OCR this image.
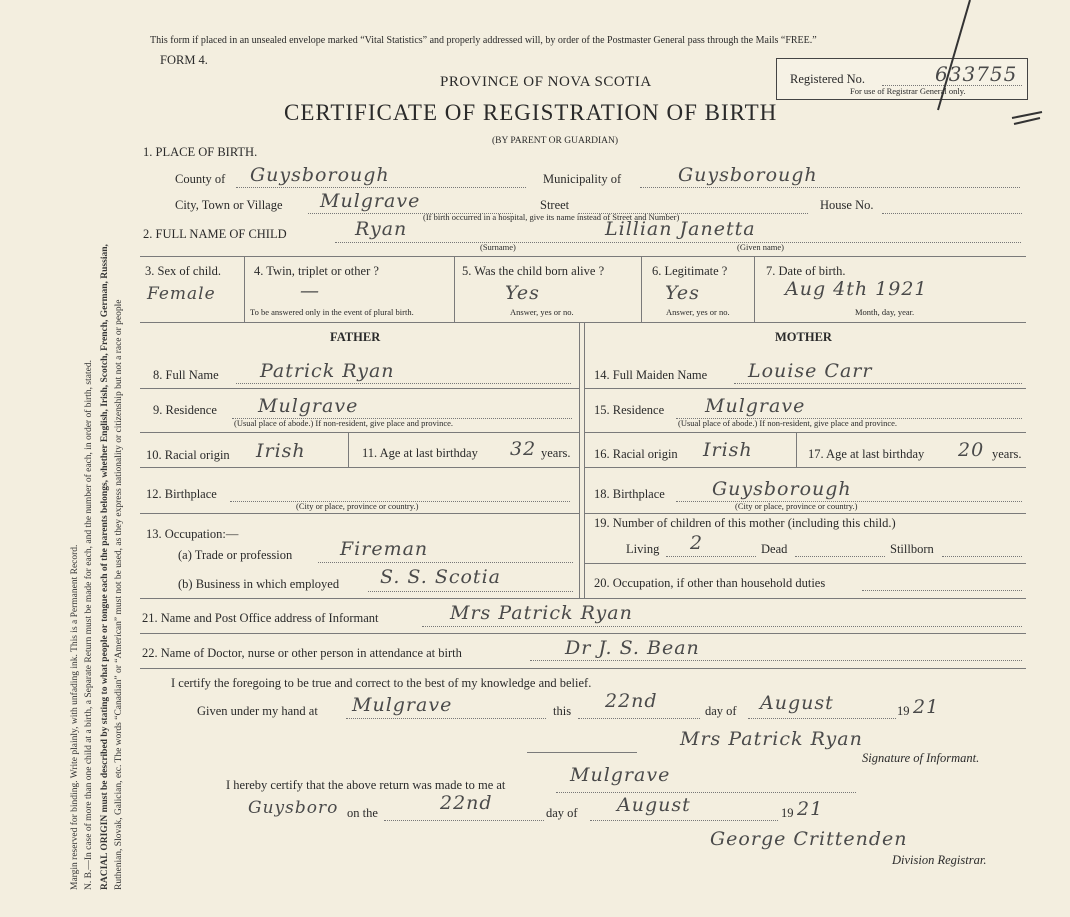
Margin reserved for binding. Write plainly, with unfading ink. This is a Permanent Record. N. B.—In case of more than one child at a birth, a Separate Return must be made for each, and the number of each, in order of birth, stated. RACIAL ORIGIN must be described by stating to what people or tongue each of the parents belongs, whether English, Irish, Scotch, French, German, Russian, Ruthenian, Slovak, Galician, etc. The words “Canadian” or “American” must not be used, as they express nationality or citizenship but not a race or people
This form if placed in an unsealed envelope marked “Vital Statistics” and properly addressed will, by order of the Postmaster General pass through the Mails “FREE.”
FORM 4.
PROVINCE OF NOVA SCOTIA
CERTIFICATE OF REGISTRATION OF BIRTH
(BY PARENT OR GUARDIAN)
Registered No.	633755
For use of Registrar General only.
1. PLACE OF BIRTH.
County of Guysborough	Municipality of	Guysborough
City, Town or Village Mulgrave	Street	House No.
(If birth occurred in a hospital, give its name instead of Street and Number)
2. FULL NAME OF CHILD	Ryan	Lillian Janetta
(Surname)	(Given name)
3. Sex of child.
Female
4. Twin, triplet or other ?
—
To be answered only in the event of plural birth.
5. Was the child born alive ?
Yes
Answer, yes or no.
6. Legitimate ?
Yes
Answer, yes or no.
7. Date of birth.
Aug 4th 1921
Month, day, year.
FATHER
8. Full Name Patrick Ryan
9. Residence Mulgrave
(Usual place of abode.) If non-resident, give place and province.
10. Racial origin Irish	11. Age at last birthday 32 years.
12. Birthplace
(City or place, province or country.)
13. Occupation:—
(a) Trade or profession	Fireman
(b) Business in which employed S. S. Scotia
MOTHER
14. Full Maiden Name Louise Carr
15. Residence Mulgrave
(Usual place of abode.) If non-resident, give place and province.
16. Racial origin Irish	17. Age at last birthday 20 years.
18. Birthplace Guysborough
(City or place, province or country.)
19. Number of children of this mother (including this child.)
Living 2	Dead	Stillborn
20. Occupation, if other than household duties
21. Name and Post Office address of Informant	Mrs Patrick Ryan
22. Name of Doctor, nurse or other person in attendance at birth	Dr J. S. Bean
I certify the foregoing to be true and correct to the best of my knowledge and belief.
Given under my hand at Mulgrave	this 22nd	day of August	19 21
Mrs Patrick Ryan
Signature of Informant.
I hereby certify that the above return was made to me at	Mulgrave
Guysboro on the	22nd	day of August	19 21
George Crittenden
Division Registrar.
